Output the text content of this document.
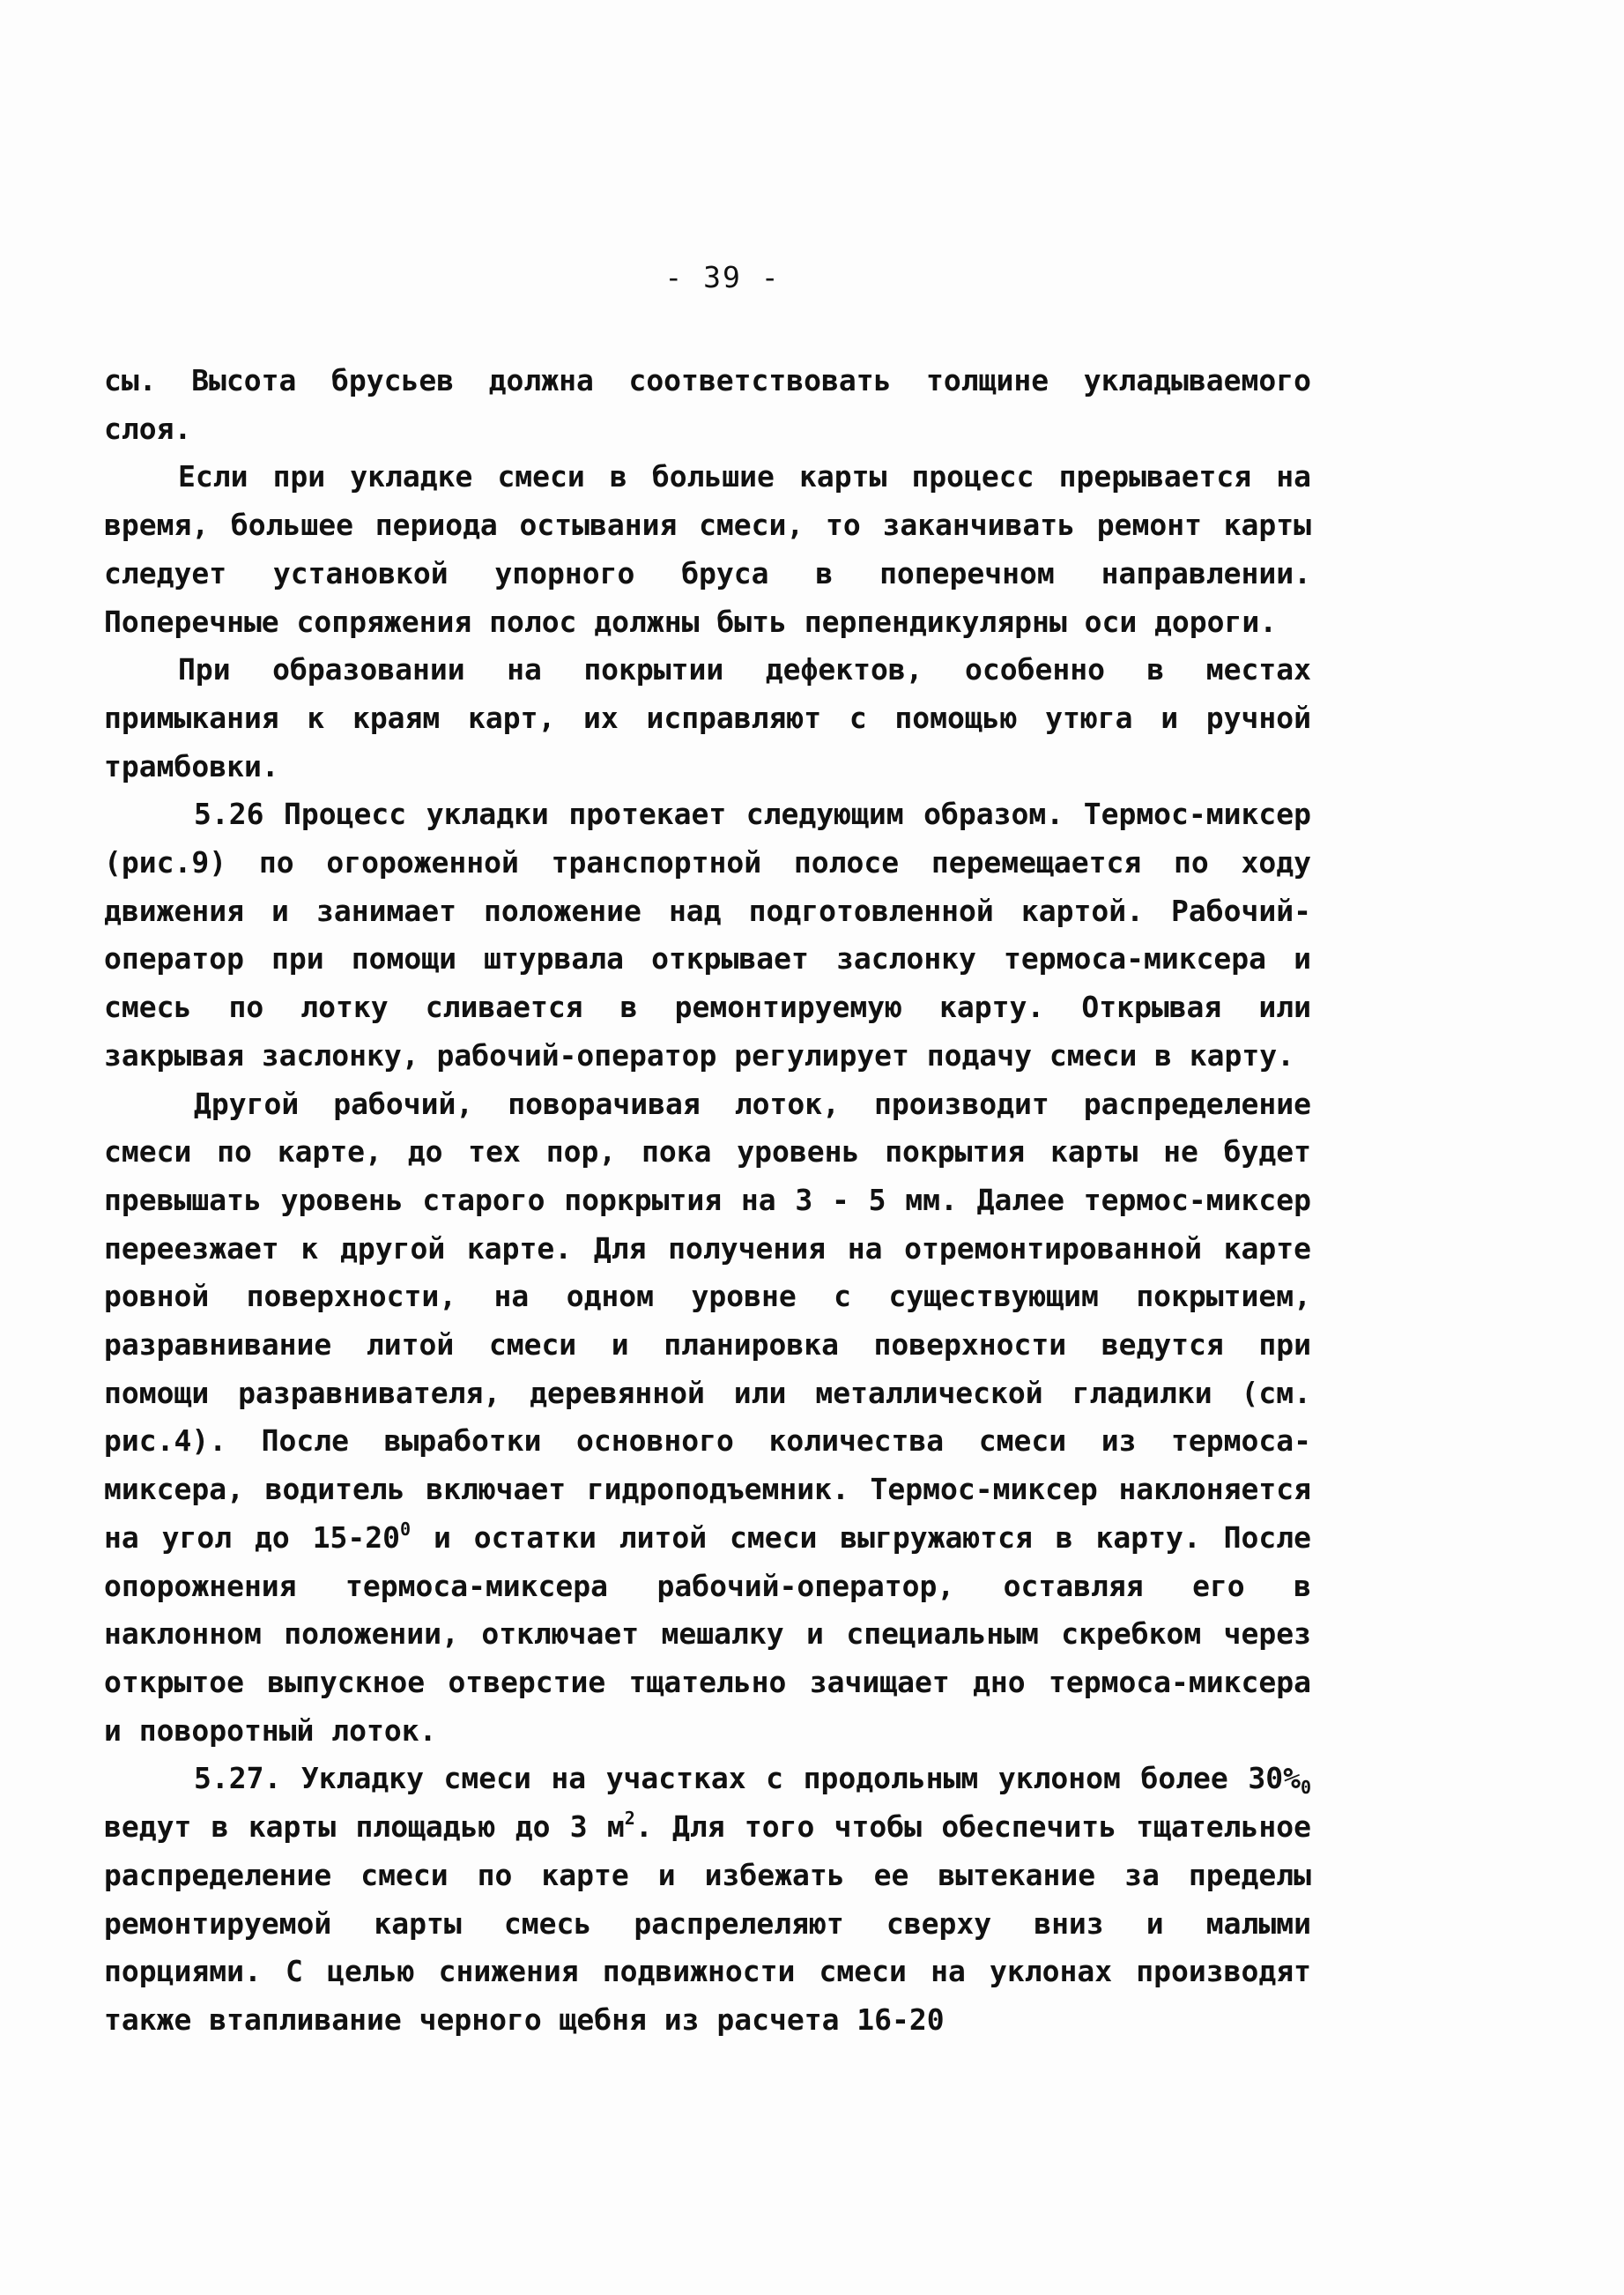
- 39 -

сы. Высота брусьев должна соответствовать толщине укладываемого слоя.

Если при укладке смеси в большие карты процесс прерывается на время, большее периода остывания смеси, то заканчивать ремонт карты следует установкой упорного бруса в поперечном направлении. Поперечные сопряжения полос должны быть перпендикулярны оси дороги.

При образовании на покрытии дефектов, особенно в местах примыкания к краям карт, их исправляют с помощью утюга и ручной трамбовки.

5.26 Процесс укладки протекает следующим образом. Термос-миксер (рис.9) по огороженной транспортной полосе перемещается по ходу движения и занимает положение над подготовленной картой. Рабочий-оператор при помощи штурвала открывает заслонку термоса-миксера и смесь по лотку сливается в ремонтируемую карту. Открывая или закрывая заслонку, рабочий-оператор регулирует подачу смеси в карту.

Другой рабочий, поворачивая лоток, производит распределение смеси по карте, до тех пор, пока уровень покрытия карты не будет превышать уровень старого поркрытия на 3 - 5 мм. Далее термос-миксер переезжает к другой карте. Для получения на отремонтированной карте ровной поверхности, на одном уровне с существующим покрытием, разравнивание литой смеси и планировка поверхности ведутся при помощи разравнивателя, деревянной или металлической гладилки (см. рис.4). После выработки основного количества смеси из термоса-миксера, водитель включает гидроподъемник. Термос-миксер наклоняется на угол до $15-20^0$ и остатки литой смеси выгружаются в карту. После опорожнения термоса-миксера рабочий-оператор, оставляя его в наклонном положении, отключает мешалку и специальным скребком через открытое выпускное отверстие тщательно зачищает дно термоса-миксера и поворотный лоток.

5.27. Укладку смеси на участках с продольным уклоном более $30\%_0$ ведут в карты площадью до 3 $м^2$. Для того чтобы обеспечить тщательное распределение смеси по карте и избежать ее вытекание за пределы ремонтируемой карты смесь распрелеляют сверху вниз и малыми порциями. С целью снижения подвижности смеси на уклонах производят также втапливание черного щебня из расчета 16-20
